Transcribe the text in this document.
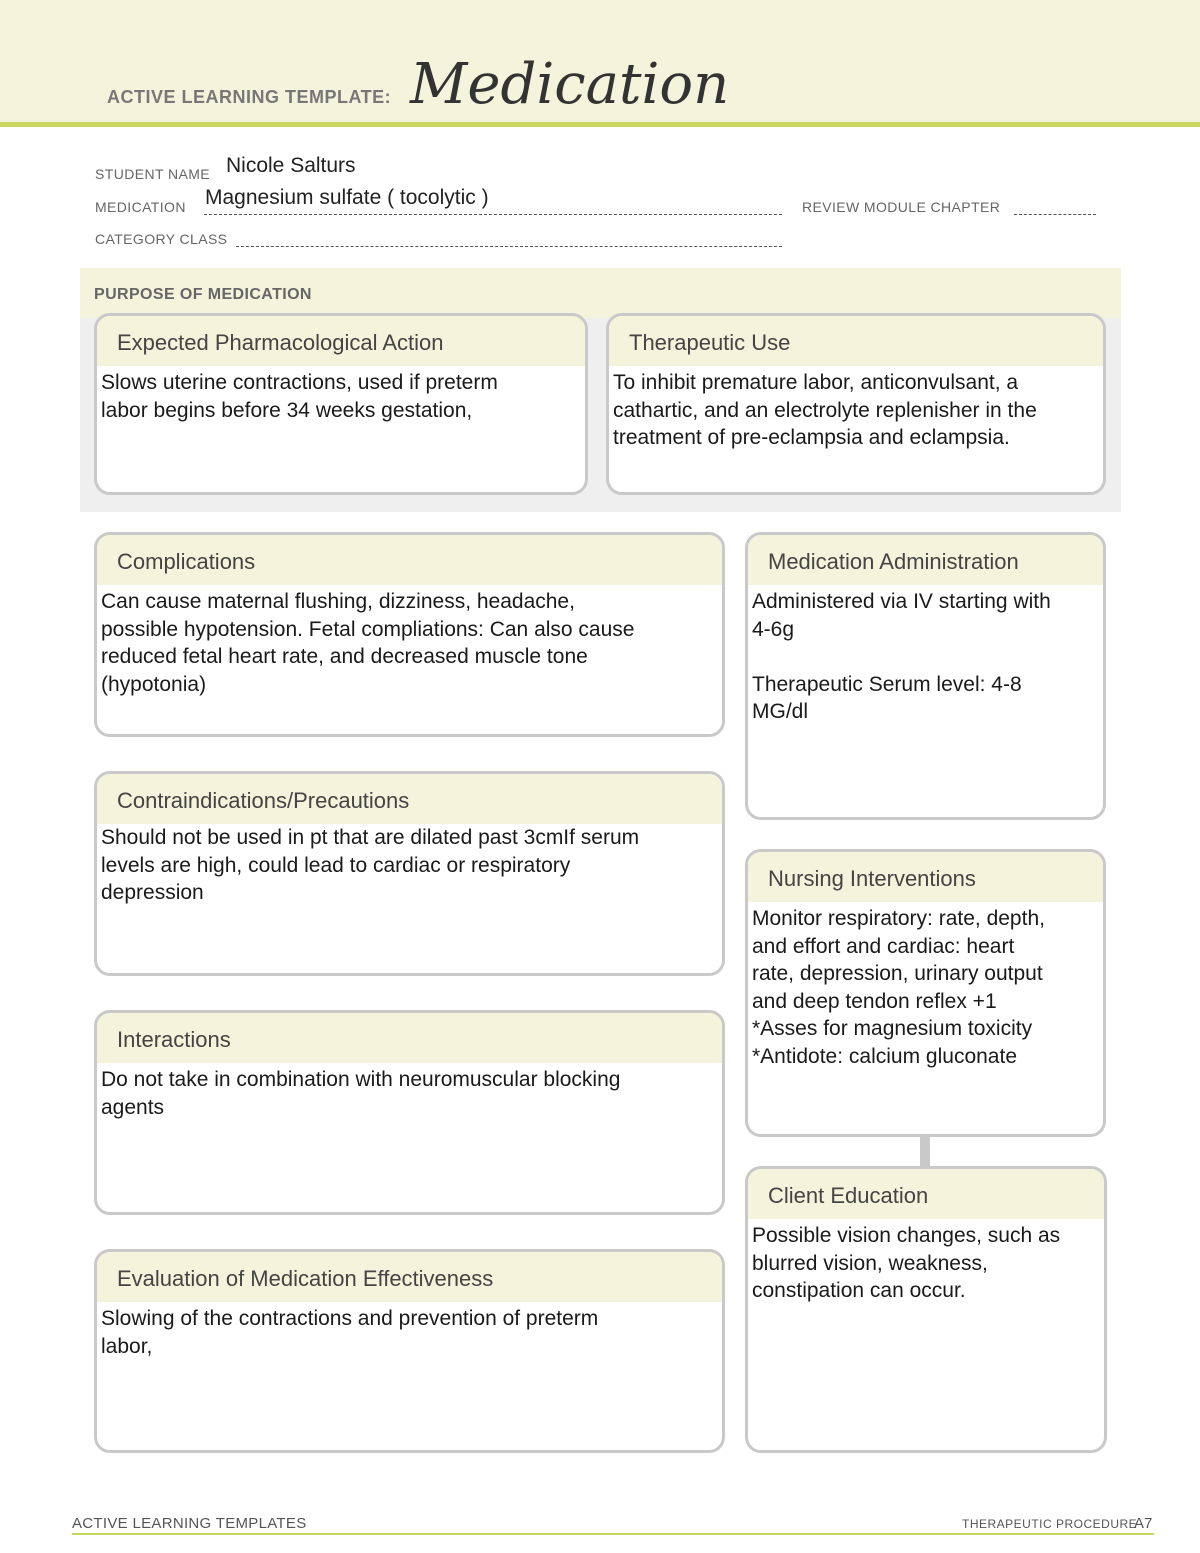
ACTIVE LEARNING TEMPLATE: Medication
STUDENT NAME Nicole Salturs
MEDICATION Magnesium sulfate ( tocolytic )	REVIEW MODULE CHAPTER
CATEGORY CLASS
PURPOSE OF MEDICATION
Expected Pharmacological Action
Slows uterine contractions, used if preterm
labor begins before 34 weeks gestation,
Therapeutic Use
To inhibit premature labor, anticonvulsant, a
cathartic, and an electrolyte replenisher in the
treatment of pre-eclampsia and eclampsia.
Complications
Can cause maternal flushing, dizziness, headache,
possible hypotension. Fetal compliations: Can also cause
reduced fetal heart rate, and decreased muscle tone
(hypotonia)
Contraindications/Precautions
Should not be used in pt that are dilated past 3cmIf serum
levels are high, could lead to cardiac or respiratory
depression
Interactions
Do not take in combination with neuromuscular blocking
agents
Evaluation of Medication Effectiveness
Slowing of the contractions and prevention of preterm
labor,
Medication Administration
Administered via IV starting with
4-6g

Therapeutic Serum level: 4-8
MG/dl
Nursing Interventions
Monitor respiratory: rate, depth,
and effort and cardiac: heart
rate, depression, urinary output
and deep tendon reflex +1
*Asses for magnesium toxicity
*Antidote: calcium gluconate
Client Education
Possible vision changes, such as
blurred vision, weakness,
constipation can occur.
ACTIVE LEARNING TEMPLATES	THERAPEUTIC PROCEDURE
A7
